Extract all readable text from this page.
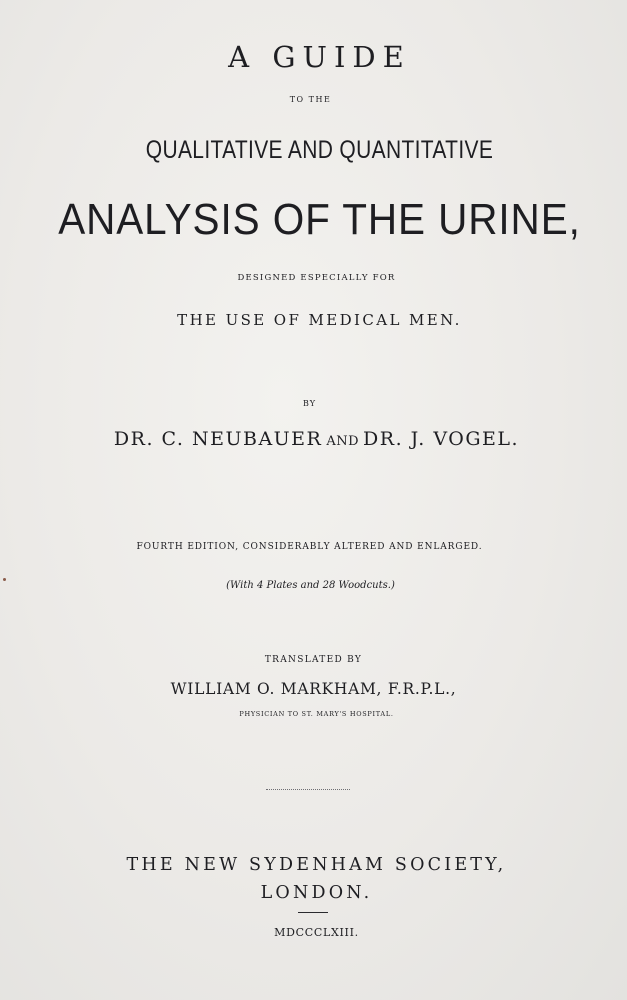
A GUIDE
TO THE
QUALITATIVE AND QUANTITATIVE
ANALYSIS OF THE URINE,
DESIGNED ESPECIALLY FOR
THE USE OF MEDICAL MEN.
BY
DR. C. NEUBAUER AND DR. J. VOGEL.
FOURTH EDITION, CONSIDERABLY ALTERED AND ENLARGED.
(With 4 Plates and 28 Woodcuts.)
TRANSLATED BY
WILLIAM O. MARKHAM, F.R.P.L.,
PHYSICIAN TO ST. MARY'S HOSPITAL.
THE NEW SYDENHAM SOCIETY,
LONDON.
MDCCCLXIII.
